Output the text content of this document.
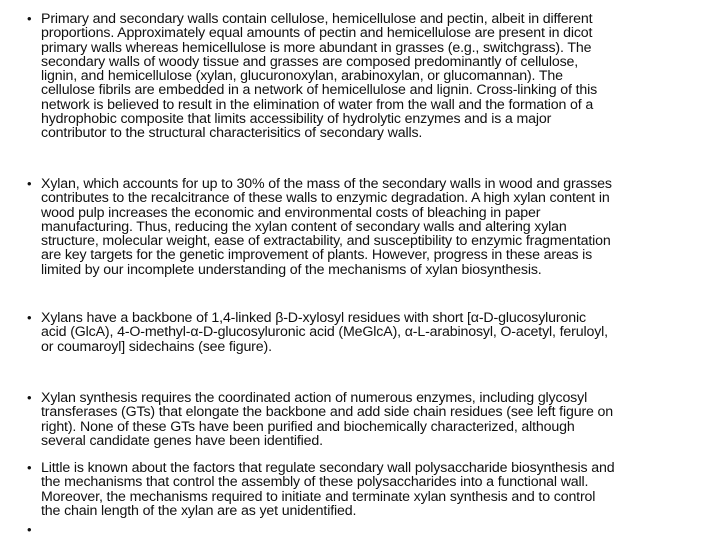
• Primary and secondary walls contain cellulose, hemicellulose and pectin, albeit in different
proportions. Approximately equal amounts of pectin and hemicellulose are present in dicot
primary walls whereas hemicellulose is more abundant in grasses (e.g., switchgrass). The
secondary walls of woody tissue and grasses are composed predominantly of cellulose,
lignin, and hemicellulose (xylan, glucuronoxylan, arabinoxylan, or glucomannan). The
cellulose fibrils are embedded in a network of hemicellulose and lignin. Cross-linking of this
network is believed to result in the elimination of water from the wall and the formation of a
hydrophobic composite that limits accessibility of hydrolytic enzymes and is a major
contributor to the structural characterisitics of secondary walls.
• Xylan, which accounts for up to 30% of the mass of the secondary walls in wood and grasses
contributes to the recalcitrance of these walls to enzymic degradation. A high xylan content in
wood pulp increases the economic and environmental costs of bleaching in paper
manufacturing. Thus, reducing the xylan content of secondary walls and altering xylan
structure, molecular weight, ease of extractability, and susceptibility to enzymic fragmentation
are key targets for the genetic improvement of plants. However, progress in these areas is
limited by our incomplete understanding of the mechanisms of xylan biosynthesis.
• Xylans have a backbone of 1,4-linked β-D-xylosyl residues with short [α-D-glucosyluronic
acid (GlcA), 4-O-methyl-α-D-glucosyluronic acid (MeGlcA), α-L-arabinosyl, O-acetyl, feruloyl,
or coumaroyl] sidechains (see figure).
• Xylan synthesis requires the coordinated action of numerous enzymes, including glycosyl
transferases (GTs) that elongate the backbone and add side chain residues (see left figure on
right). None of these GTs have been purified and biochemically characterized, although
several candidate genes have been identified.
• Little is known about the factors that regulate secondary wall polysaccharide biosynthesis and
the mechanisms that control the assembly of these polysaccharides into a functional wall.
Moreover, the mechanisms required to initiate and terminate xylan synthesis and to control
the chain length of the xylan are as yet unidentified.
•
